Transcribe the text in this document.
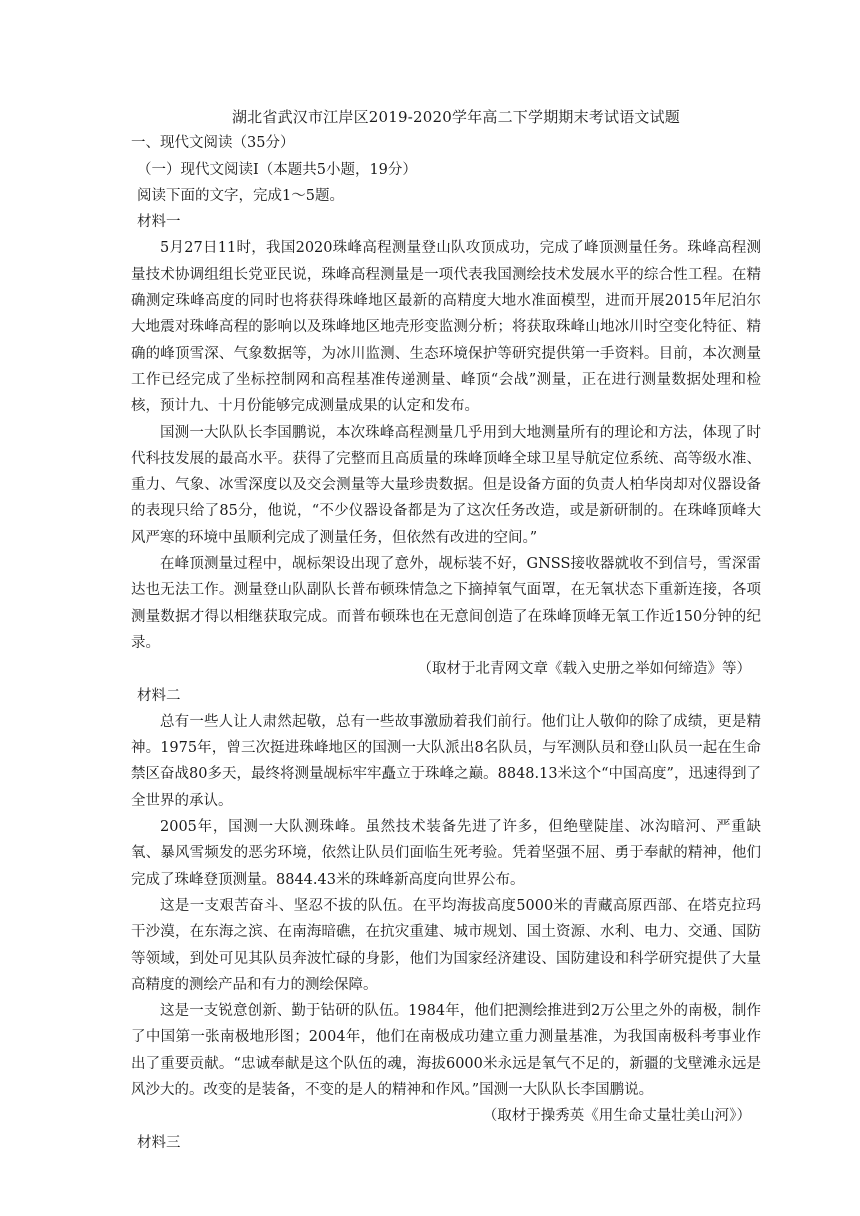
湖北省武汉市江岸区2019-2020学年高二下学期期末考试语文试题

一、现代文阅读（35分）

（一）现代文阅读Ⅰ（本题共5小题，19分）

阅读下面的文字，完成1～5题。

材料一

5月27日11时，我国2020珠峰高程测量登山队攻顶成功，完成了峰顶测量任务。珠峰高程测量技术协调组组长党亚民说，珠峰高程测量是一项代表我国测绘技术发展水平的综合性工程。在精确测定珠峰高度的同时也将获得珠峰地区最新的高精度大地水准面模型，进而开展2015年尼泊尔大地震对珠峰高程的影响以及珠峰地区地壳形变监测分析；将获取珠峰山地冰川时空变化特征、精确的峰顶雪深、气象数据等，为冰川监测、生态环境保护等研究提供第一手资料。目前，本次测量工作已经完成了坐标控制网和高程基准传递测量、峰顶“会战”测量，正在进行测量数据处理和检核，预计九、十月份能够完成测量成果的认定和发布。

国测一大队队长李国鹏说，本次珠峰高程测量几乎用到大地测量所有的理论和方法，体现了时代科技发展的最高水平。获得了完整而且高质量的珠峰顶峰全球卫星导航定位系统、高等级水准、重力、气象、冰雪深度以及交会测量等大量珍贵数据。但是设备方面的负责人柏华岗却对仪器设备的表现只给了85分，他说，“不少仪器设备都是为了这次任务改造，或是新研制的。在珠峰顶峰大风严寒的环境中虽顺利完成了测量任务，但依然有改进的空间。”

在峰顶测量过程中，觇标架设出现了意外，觇标装不好，GNSS接收器就收不到信号，雪深雷达也无法工作。测量登山队副队长普布顿珠情急之下摘掉氧气面罩，在无氧状态下重新连接，各项测量数据才得以相继获取完成。而普布顿珠也在无意间创造了在珠峰顶峰无氧工作近150分钟的纪录。

（取材于北青网文章《载入史册之举如何缔造》等）

材料二

总有一些人让人肃然起敬，总有一些故事激励着我们前行。他们让人敬仰的除了成绩，更是精神。1975年，曾三次挺进珠峰地区的国测一大队派出8名队员，与军测队员和登山队员一起在生命禁区奋战80多天，最终将测量觇标牢牢矗立于珠峰之巅。8848.13米这个“中国高度”，迅速得到了全世界的承认。

2005年，国测一大队测珠峰。虽然技术装备先进了许多，但绝壁陡崖、冰沟暗河、严重缺氧、暴风雪频发的恶劣环境，依然让队员们面临生死考验。凭着坚强不屈、勇于奉献的精神，他们完成了珠峰登顶测量。8844.43米的珠峰新高度向世界公布。

这是一支艰苦奋斗、坚忍不拔的队伍。在平均海拔高度5000米的青藏高原西部、在塔克拉玛干沙漠，在东海之滨、在南海暗礁，在抗灾重建、城市规划、国土资源、水利、电力、交通、国防等领域，到处可见其队员奔波忙碌的身影，他们为国家经济建设、国防建设和科学研究提供了大量高精度的测绘产品和有力的测绘保障。

这是一支锐意创新、勤于钻研的队伍。1984年，他们把测绘推进到2万公里之外的南极，制作了中国第一张南极地形图；2004年，他们在南极成功建立重力测量基准，为我国南极科考事业作出了重要贡献。“忠诚奉献是这个队伍的魂，海拔6000米永远是氧气不足的，新疆的戈壁滩永远是风沙大的。改变的是装备，不变的是人的精神和作风。”国测一大队队长李国鹏说。

（取材于操秀英《用生命丈量壮美山河》）

材料三
